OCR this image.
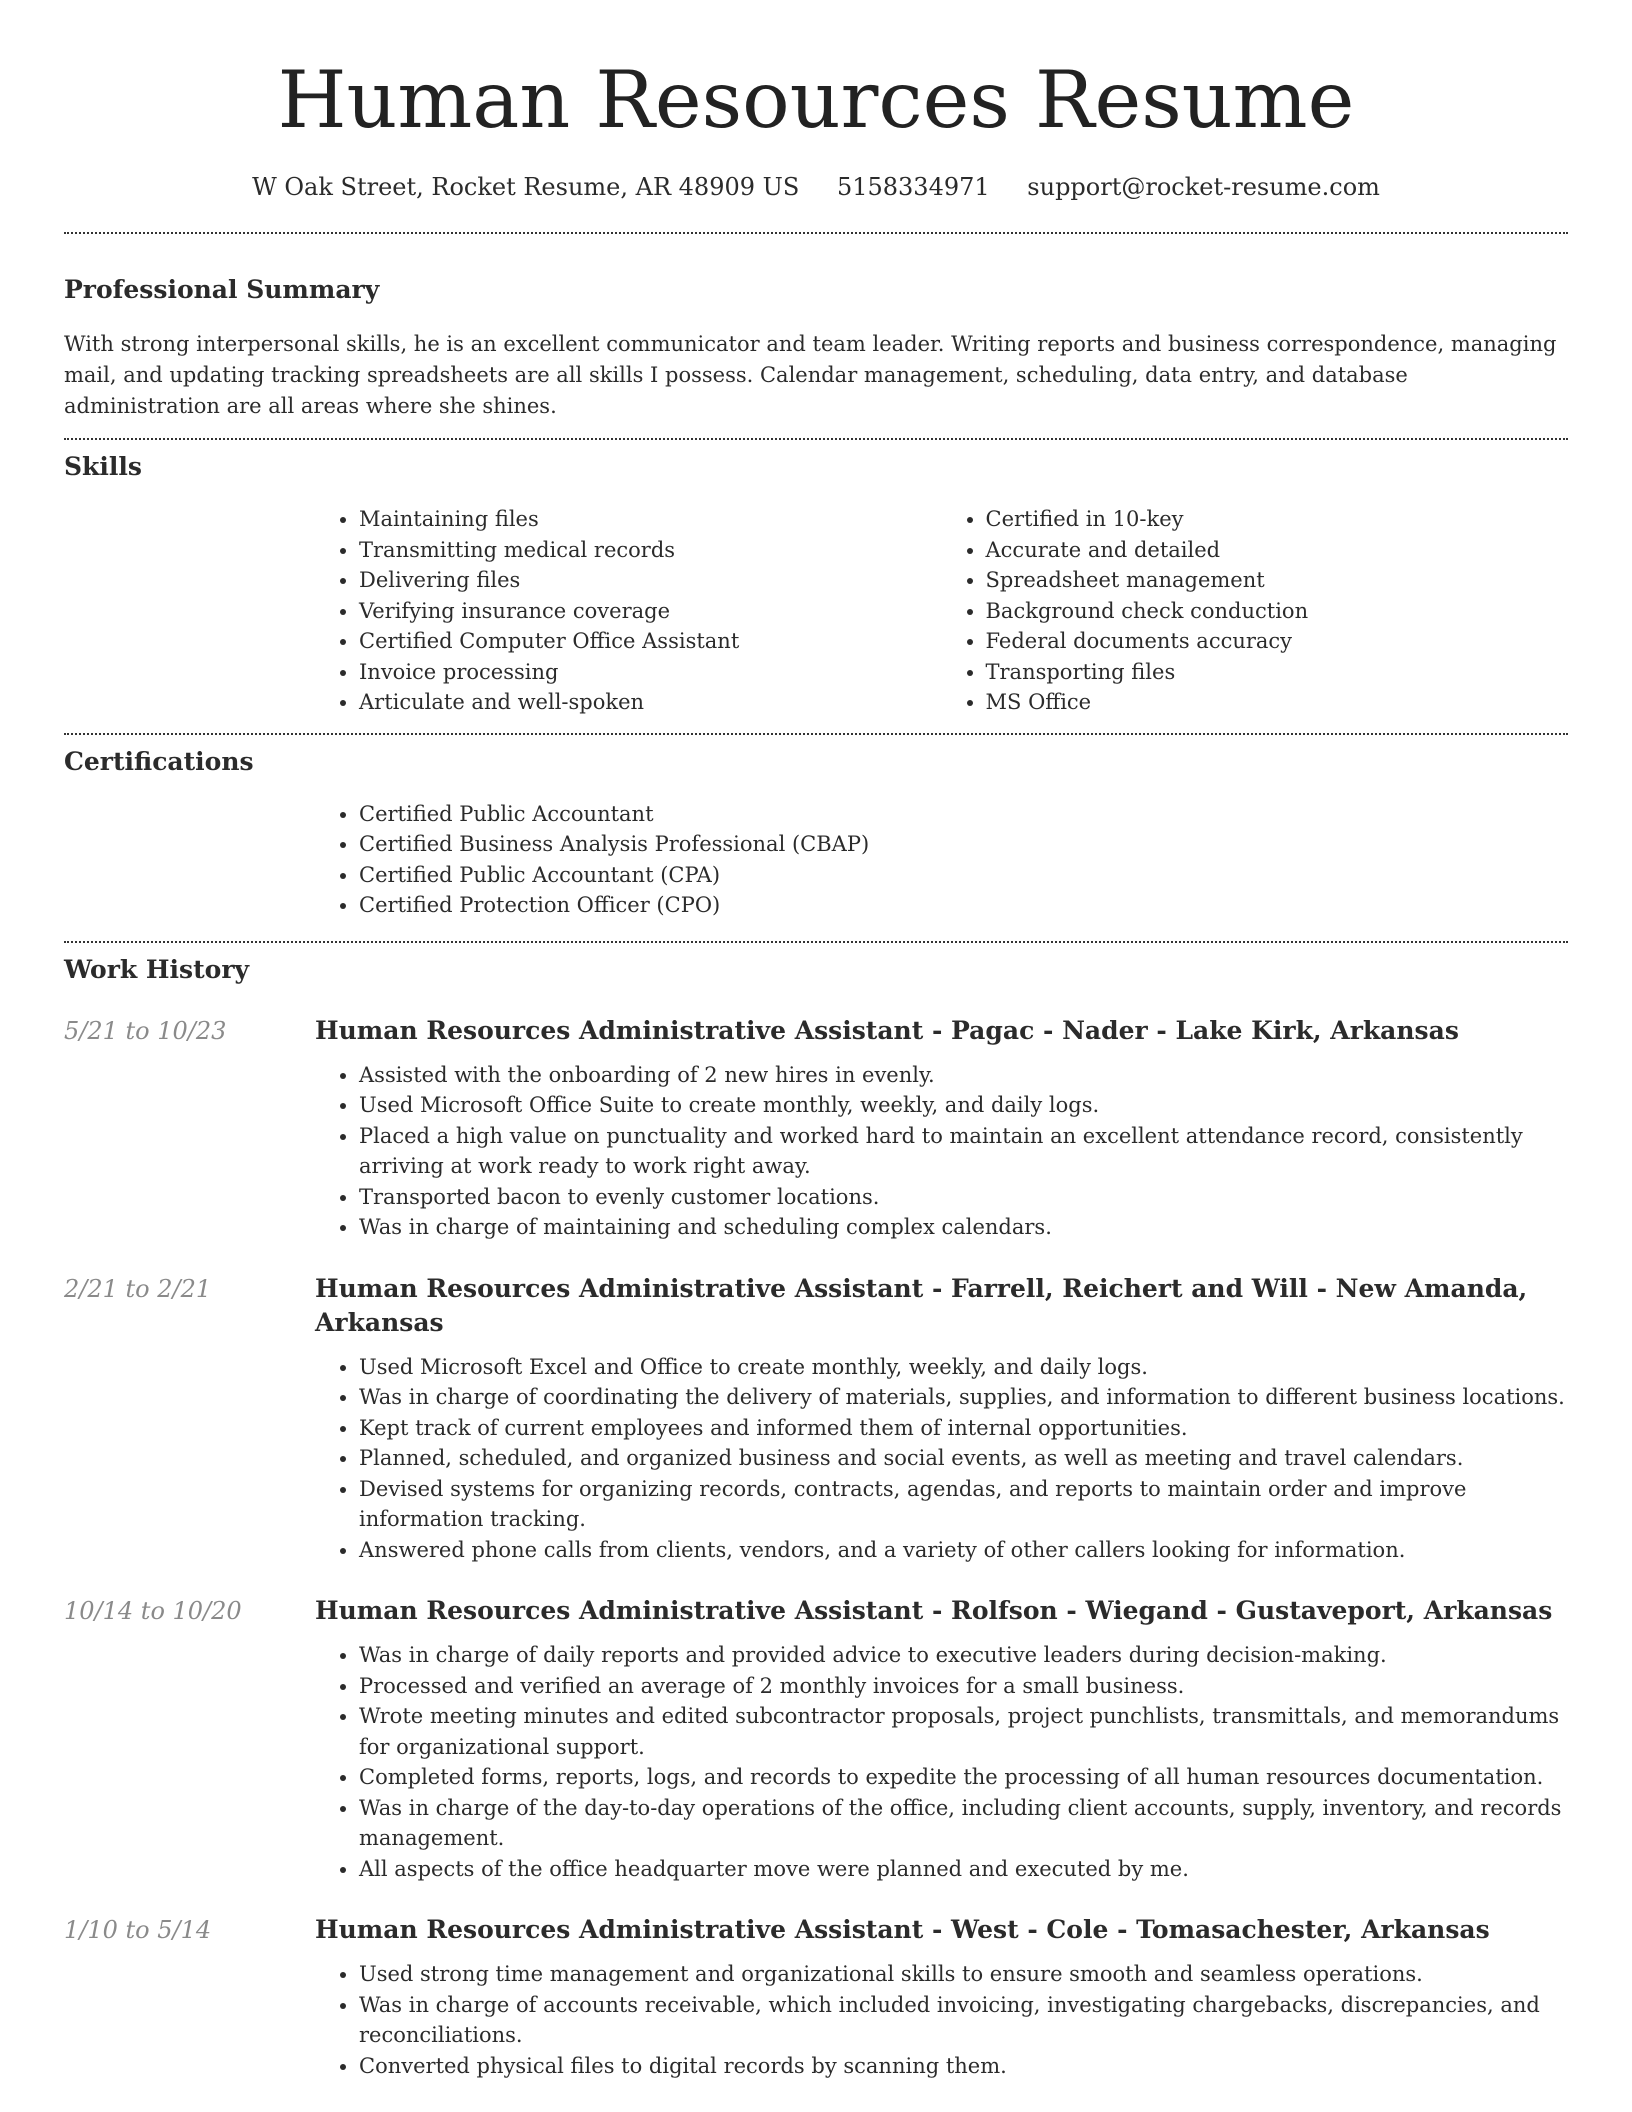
Human Resources Resume
W Oak Street, Rocket Resume, AR 48909 US 5158334971 support@rocket-resume.com
Professional Summary

With strong interpersonal skills, he is an excellent communicator and team leader. Writing reports and business correspondence, managing mail, and updating tracking spreadsheets are all skills I possess. Calendar management, scheduling, data entry, and database administration are all areas where she shines.

Skills
• Maintaining files
• Transmitting medical records
• Delivering files
• Verifying insurance coverage
• Certified Computer Office Assistant
• Invoice processing
• Articulate and well-spoken
• Certified in 10-key
• Accurate and detailed
• Spreadsheet management
• Background check conduction
• Federal documents accuracy
• Transporting files
• MS Office
Certifications
• Certified Public Accountant
• Certified Business Analysis Professional (CBAP)
• Certified Public Accountant (CPA)
• Certified Protection Officer (CPO)
Work History
5/21 to 10/23	Human Resources Administrative Assistant - Pagac - Nader - Lake Kirk, Arkansas
• Assisted with the onboarding of 2 new hires in evenly.
• Used Microsoft Office Suite to create monthly, weekly, and daily logs.
• Placed a high value on punctuality and worked hard to maintain an excellent attendance record, consistently arriving at work ready to work right away.
• Transported bacon to evenly customer locations.
• Was in charge of maintaining and scheduling complex calendars.
2/21 to 2/21	Human Resources Administrative Assistant - Farrell, Reichert and Will - New Amanda, Arkansas
• Used Microsoft Excel and Office to create monthly, weekly, and daily logs.
• Was in charge of coordinating the delivery of materials, supplies, and information to different business locations.
• Kept track of current employees and informed them of internal opportunities.
• Planned, scheduled, and organized business and social events, as well as meeting and travel calendars.
• Devised systems for organizing records, contracts, agendas, and reports to maintain order and improve information tracking.
• Answered phone calls from clients, vendors, and a variety of other callers looking for information.
10/14 to 10/20	Human Resources Administrative Assistant - Rolfson - Wiegand - Gustaveport, Arkansas
• Was in charge of daily reports and provided advice to executive leaders during decision-making.
• Processed and verified an average of 2 monthly invoices for a small business.
• Wrote meeting minutes and edited subcontractor proposals, project punchlists, transmittals, and memorandums for organizational support.
• Completed forms, reports, logs, and records to expedite the processing of all human resources documentation.
• Was in charge of the day-to-day operations of the office, including client accounts, supply, inventory, and records management.
• All aspects of the office headquarter move were planned and executed by me.
1/10 to 5/14	Human Resources Administrative Assistant - West - Cole - Tomasachester, Arkansas
• Used strong time management and organizational skills to ensure smooth and seamless operations.
• Was in charge of accounts receivable, which included invoicing, investigating chargebacks, discrepancies, and reconciliations.
• Converted physical files to digital records by scanning them.
